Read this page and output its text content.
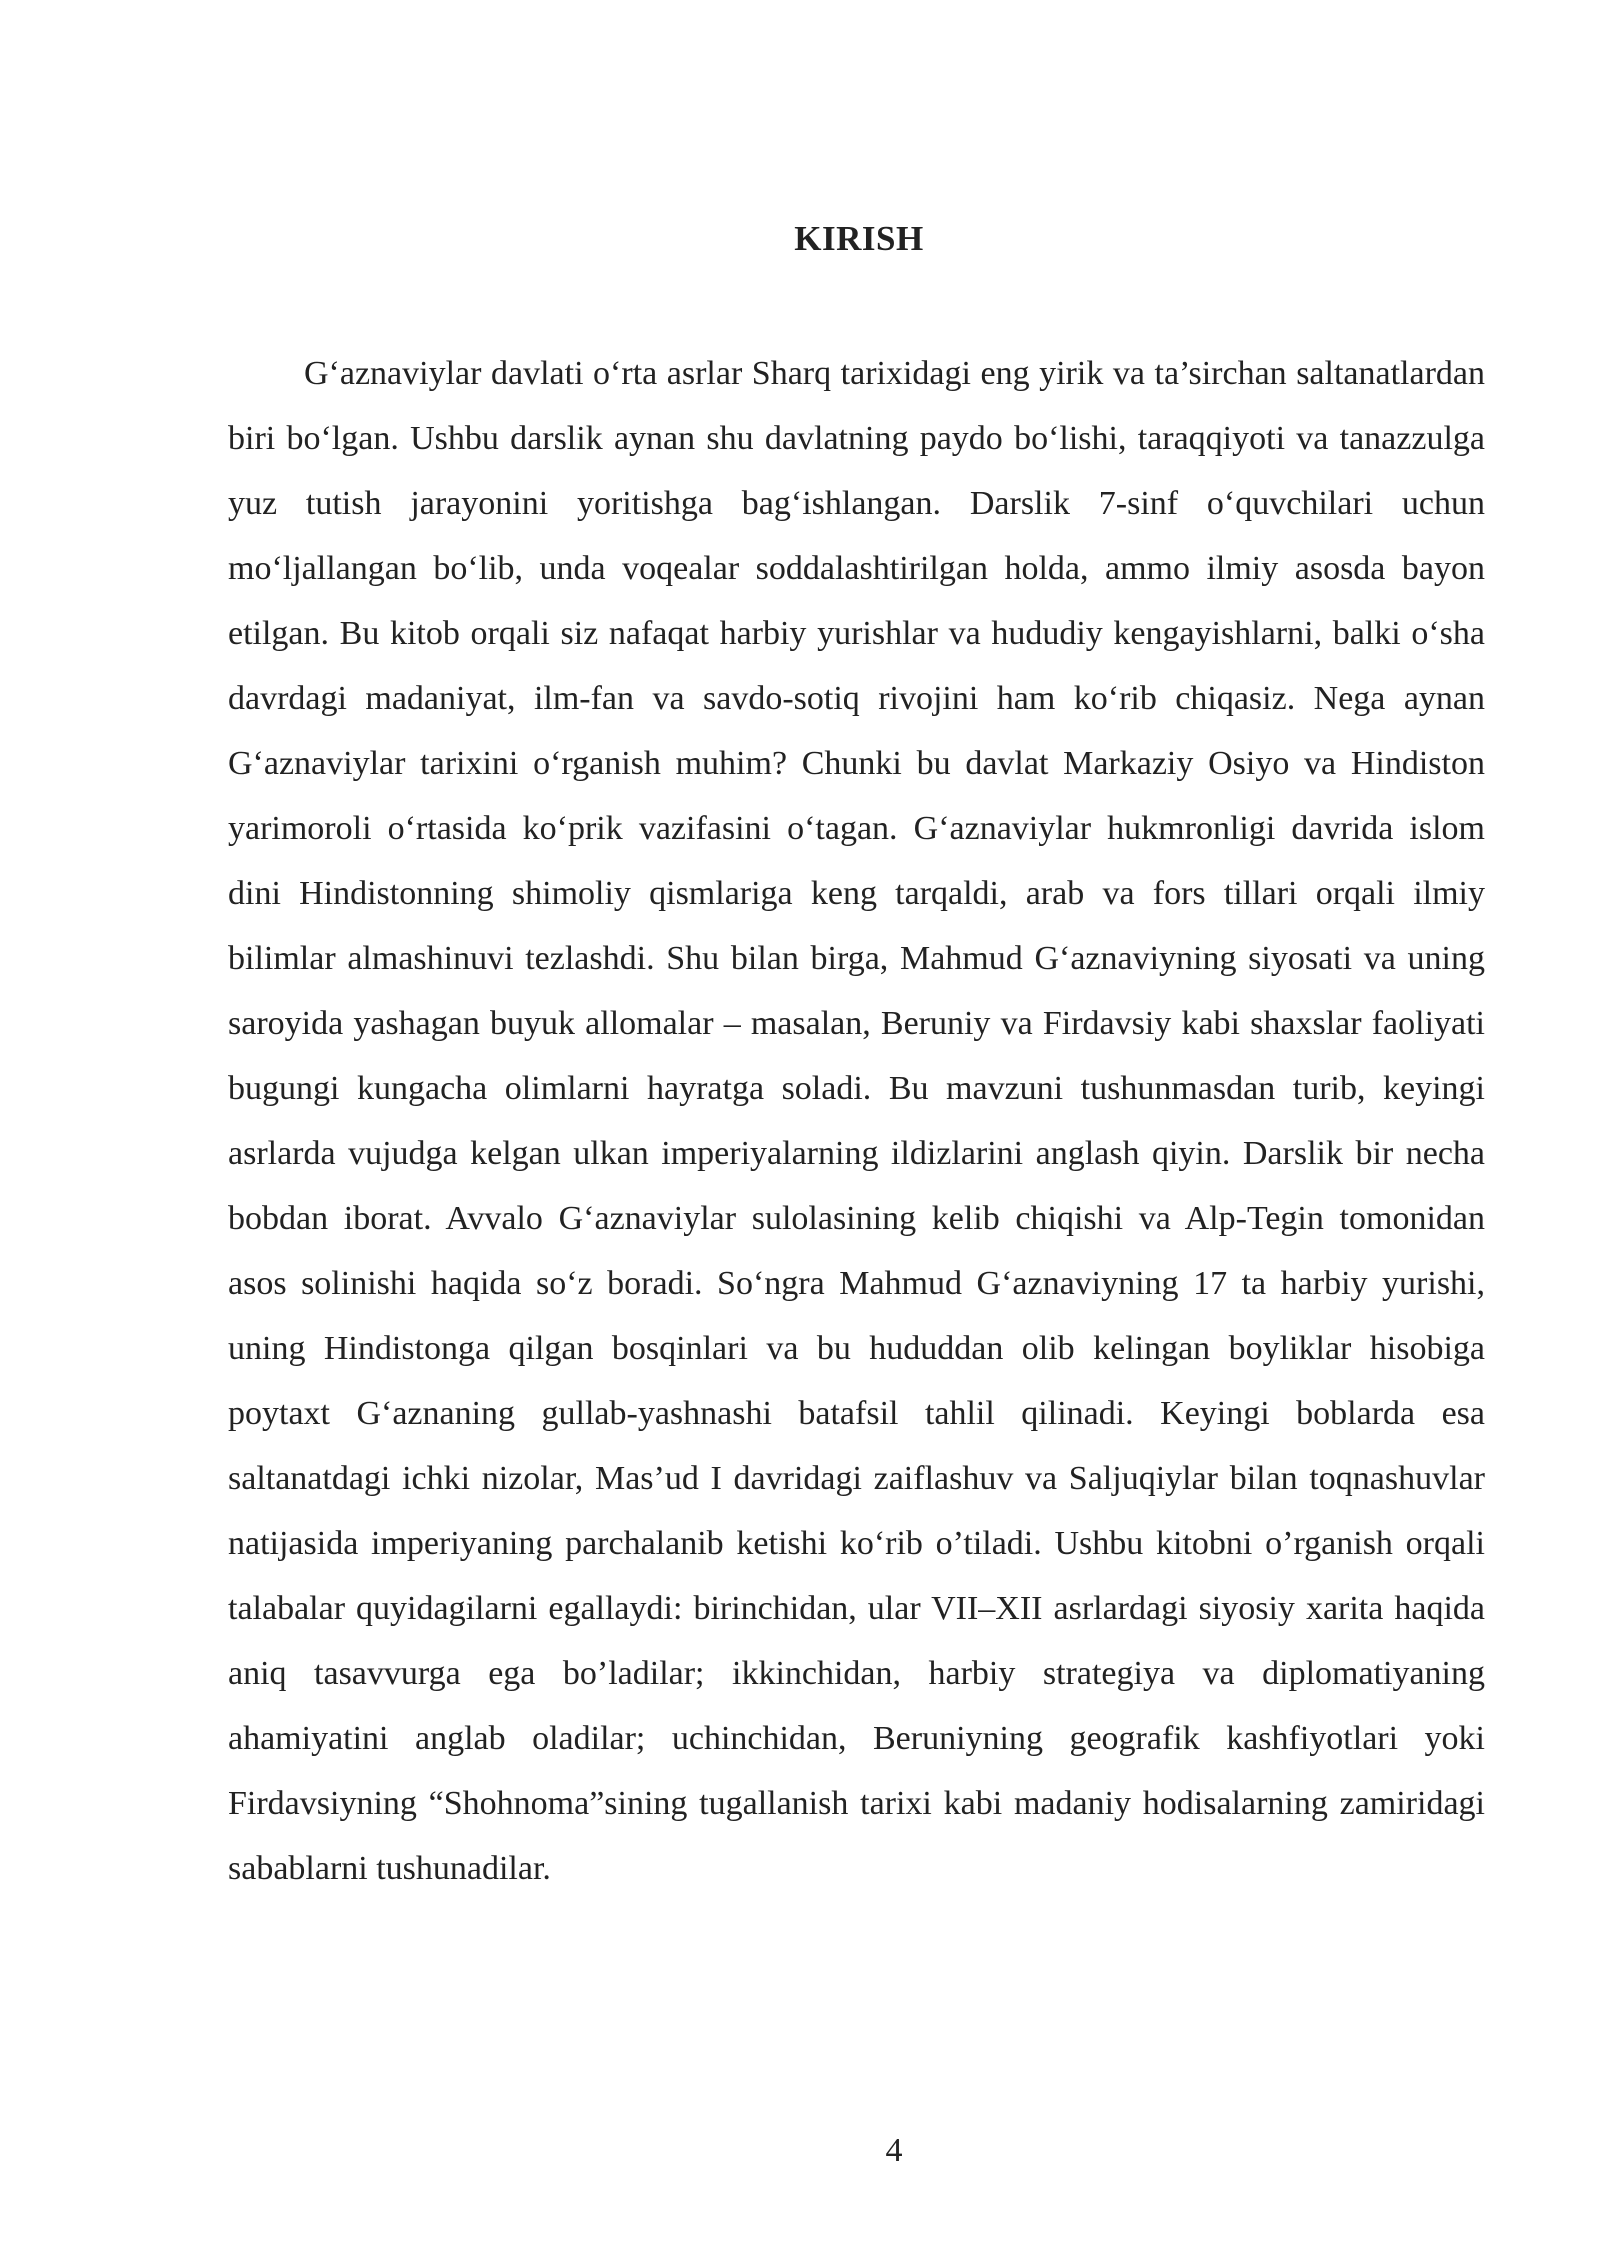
KIRISH

G‘aznaviylar davlati o‘rta asrlar Sharq tarixidagi eng yirik va ta’sirchan saltanatlardan biri bo‘lgan. Ushbu darslik aynan shu davlatning paydo bo‘lishi, taraqqiyoti va tanazzulga yuz tutish jarayonini yoritishga bag‘ishlangan. Darslik 7-sinf o‘quvchilari uchun mo‘ljallangan bo‘lib, unda voqealar soddalashtirilgan holda, ammo ilmiy asosda bayon etilgan. Bu kitob orqali siz nafaqat harbiy yurishlar va hududiy kengayishlarni, balki o‘sha davrdagi madaniyat, ilm-fan va savdo-sotiq rivojini ham ko‘rib chiqasiz. Nega aynan G‘aznaviylar tarixini o‘rganish muhim? Chunki bu davlat Markaziy Osiyo va Hindiston yarimoroli o‘rtasida ko‘prik vazifasini o‘tagan. G‘aznaviylar hukmronligi davrida islom dini Hindistonning shimoliy qismlariga keng tarqaldi, arab va fors tillari orqali ilmiy bilimlar almashinuvi tezlashdi. Shu bilan birga, Mahmud G‘aznaviyning siyosati va uning saroyida yashagan buyuk allomalar – masalan, Beruniy va Firdavsiy kabi shaxslar faoliyati bugungi kungacha olimlarni hayratga soladi. Bu mavzuni tushunmasdan turib, keyingi asrlarda vujudga kelgan ulkan imperiyalarning ildizlarini anglash qiyin. Darslik bir necha bobdan iborat. Avvalo G‘aznaviylar sulolasining kelib chiqishi va Alp-Tegin tomonidan asos solinishi haqida so‘z boradi. So‘ngra Mahmud G‘aznaviyning 17 ta harbiy yurishi, uning Hindistonga qilgan bosqinlari va bu hududdan olib kelingan boyliklar hisobiga poytaxt G‘aznaning gullab-yashnashi batafsil tahlil qilinadi. Keyingi boblarda esa saltanatdagi ichki nizolar, Mas’ud I davridagi zaiflashuv va Saljuqiylar bilan toqnashuvlar natijasida imperiyaning parchalanib ketishi ko‘rib o’tiladi. Ushbu kitobni o’rganish orqali talabalar quyidagilarni egallaydi: birinchidan, ular VII–XII asrlardagi siyosiy xarita haqida aniq tasavvurga ega bo’ladilar; ikkinchidan, harbiy strategiya va diplomatiyaning ahamiyatini anglab oladilar; uchinchidan, Beruniyning geografik kashfiyotlari yoki Firdavsiyning “Shohnoma”sining tugallanish tarixi kabi madaniy hodisalarning zamiridagi sabablarni tushunadilar.

4
